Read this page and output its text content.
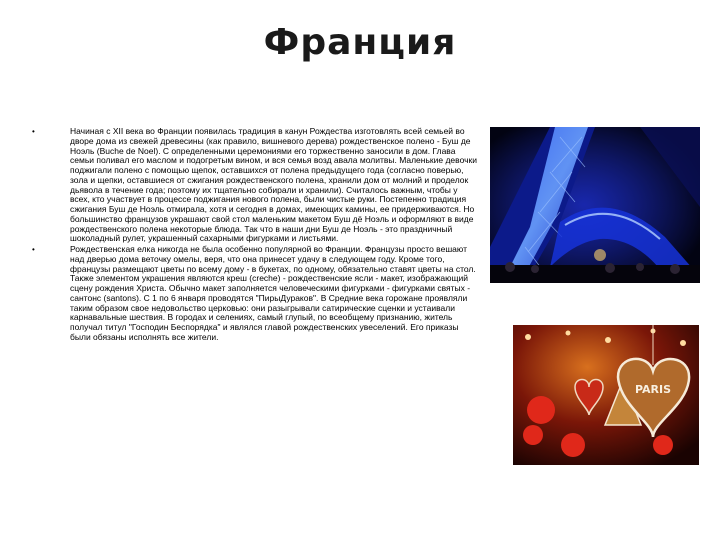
Франция
•	Начиная с XII века во Франции появилась традиция в канун Рождества изготовлять всей семьей во дворе дома из свежей древесины (как правило, вишневого дерева) рождественское полено - Буш де Ноэль (Buche de Noel). С определенными церемониями его торжественно заносили в дом. Глава семьи поливал его маслом и подогретым вином, и вся семья возд авала молитвы. Маленькие девочки поджигали полено с помощью щепок, оставшихся от полена предыдущего года (согласно поверью, зола и щепки, оставшиеся от сжигания рождественского полена, хранили дом от молний и проделок дьявола в течение года; поэтому их тщательно собирали и хранили). Считалось важным, чтобы у всех, кто участвует в процессе поджигания нового полена, были чистые руки. Постепенно традиция сжигания Буш де Ноэль отмирала, хотя и сегодня в домах, имеющих камины, ее придерживаются. Но большинство французов украшают свой стол маленьким макетом Буш дё Ноэль и оформляют в виде рождественского полена некоторые блюда. Так что в наши дни Буш де Ноэль - это праздничный шоколадный рулет, украшенный сахарными фигурками и листьями.
•	Рождественская елка никогда не была особенно популярной во Франции. Французы просто вешают над дверью дома веточку омелы, веря, что она принесет удачу в следующем году. Кроме того, французы размещают цветы по всему дому - в букетах, по одному, обязательно ставят цветы на стол. Также элементом украшения являются креш (creche) - рождественские ясли - макет, изображающий сцену рождения Христа. Обычно макет заполняется человеческими фигурками - фигурками святых - сантонс (santons). С 1 по 6 января проводятся "ПирыДураков". В Средние века горожане проявляли таким образом свое недовольство церковью: они разыгрывали сатирические сценки и устаивали карнавальные шествия. В городах и селениях, самый глупый, по всеобщему признанию, житель получал титул "Господин Беспорядка" и являлся главой рождественских увеселений. Его приказы были обязаны исполнять все жители.
PARIS
